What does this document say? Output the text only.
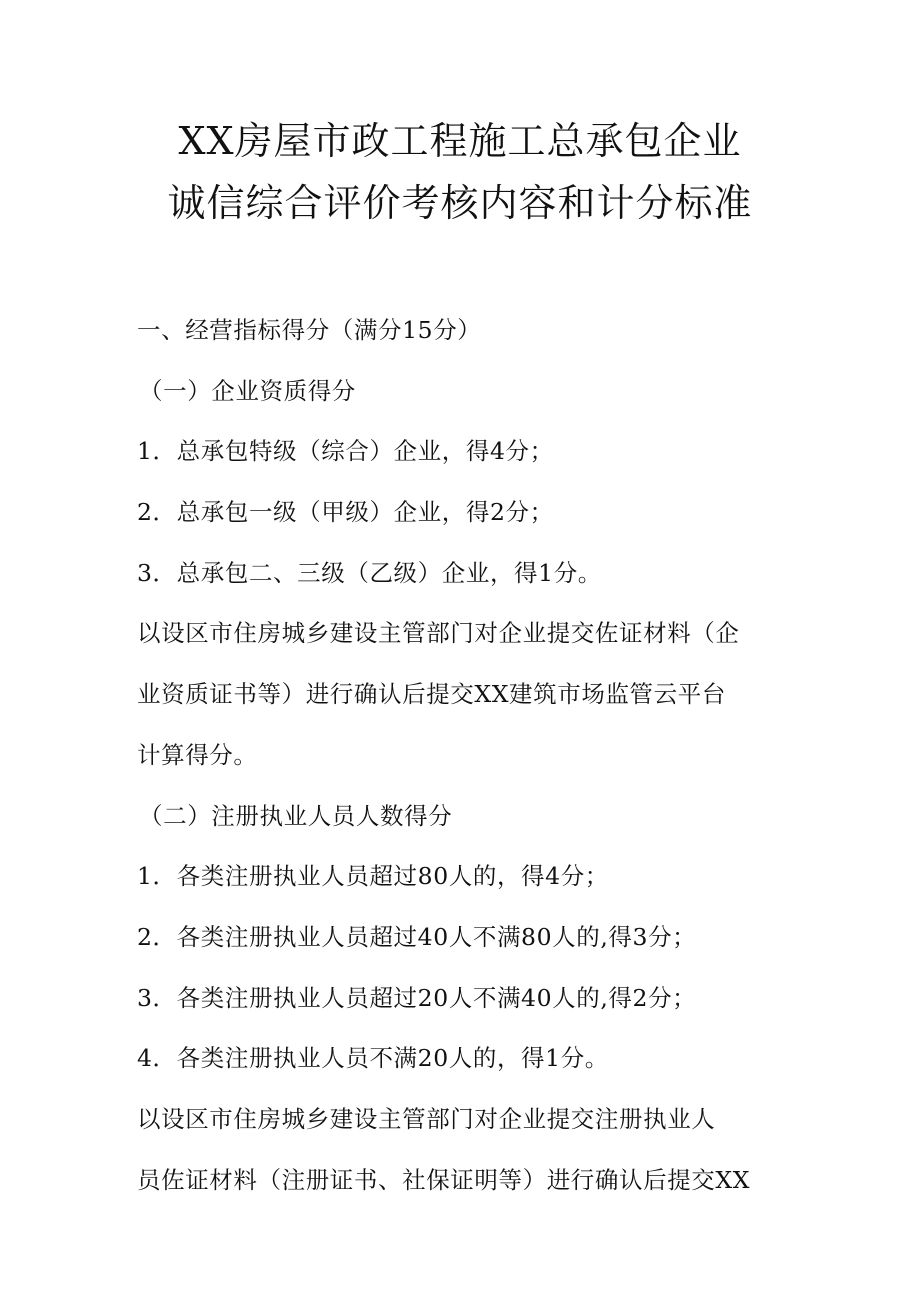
XX房屋市政工程施工总承包企业
诚信综合评价考核内容和计分标准
一、经营指标得分（满分15分）
（一）企业资质得分
1．总承包特级（综合）企业，得4分；
2．总承包一级（甲级）企业，得2分；
3．总承包二、三级（乙级）企业，得1分。
以设区市住房城乡建设主管部门对企业提交佐证材料（企
业资质证书等）进行确认后提交XX建筑市场监管云平台
计算得分。
（二）注册执业人员人数得分
1．各类注册执业人员超过80人的，得4分；
2．各类注册执业人员超过40人不满80人的,得3分；
3．各类注册执业人员超过20人不满40人的,得2分；
4．各类注册执业人员不满20人的，得1分。
以设区市住房城乡建设主管部门对企业提交注册执业人
员佐证材料（注册证书、社保证明等）进行确认后提交XX
